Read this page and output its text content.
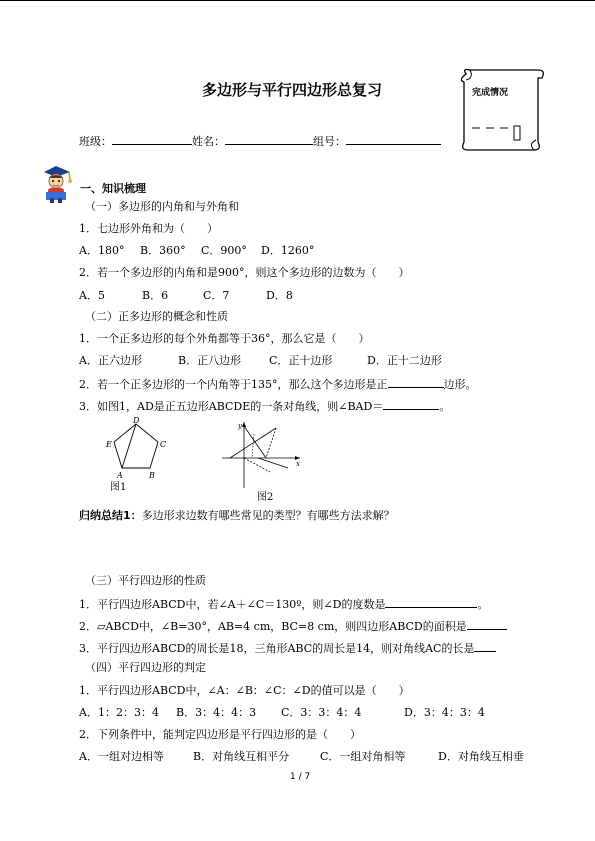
多边形与平行四边形总复习	完成情况
班级：	姓名：	组号：
一、知识梳理
（一）多边形的内角和与外角和
1．七边形外角和为（　　）
A．180° B．360° C．900° D．1260°
2．若一个多边形的内角和是900°，则这个多边形的边数为（　　）
A．5	B．6	C．7	D．8
（二）正多边形的概念和性质
1．一个正多边形的每个外角都等于36°，那么它是（　　）
A．正六边形	B．正八边形	C．正十边形	D．正十二边形
2．若一个正多边形的一个内角等于135°，那么这个多边形是正	边形。
3．如图1，AD是正五边形ABCDE的一条对角线，则∠BAD＝	。
D
E	C
A	B
图1
y
x
图2
归纳总结1：多边形求边数有哪些常见的类型？有哪些方法求解？
（三）平行四边形的性质
1．平行四边形ABCD中，若∠A＋∠C＝130º，则∠D的度数是	。
2．▱ABCD中，∠B=30°，AB=4 cm，BC=8 cm，则四边形ABCD的面积是
3．平行四边形ABCD的周长是18，三角形ABC的周长是14，则对角线AC的长是
（四）平行四边形的判定
1．平行四边形ABCD中，∠A：∠B：∠C：∠D的值可以是（　　）
A．1：2：3：4 B．3：4：4：3 C．3：3：4：4	D．3：4：3：4
2．下列条件中，能判定四边形是平行四边形的是（　　）
A．一组对边相等	B．对角线互相平分	C．一组对角相等	D．对角线互相垂
1 / 7
